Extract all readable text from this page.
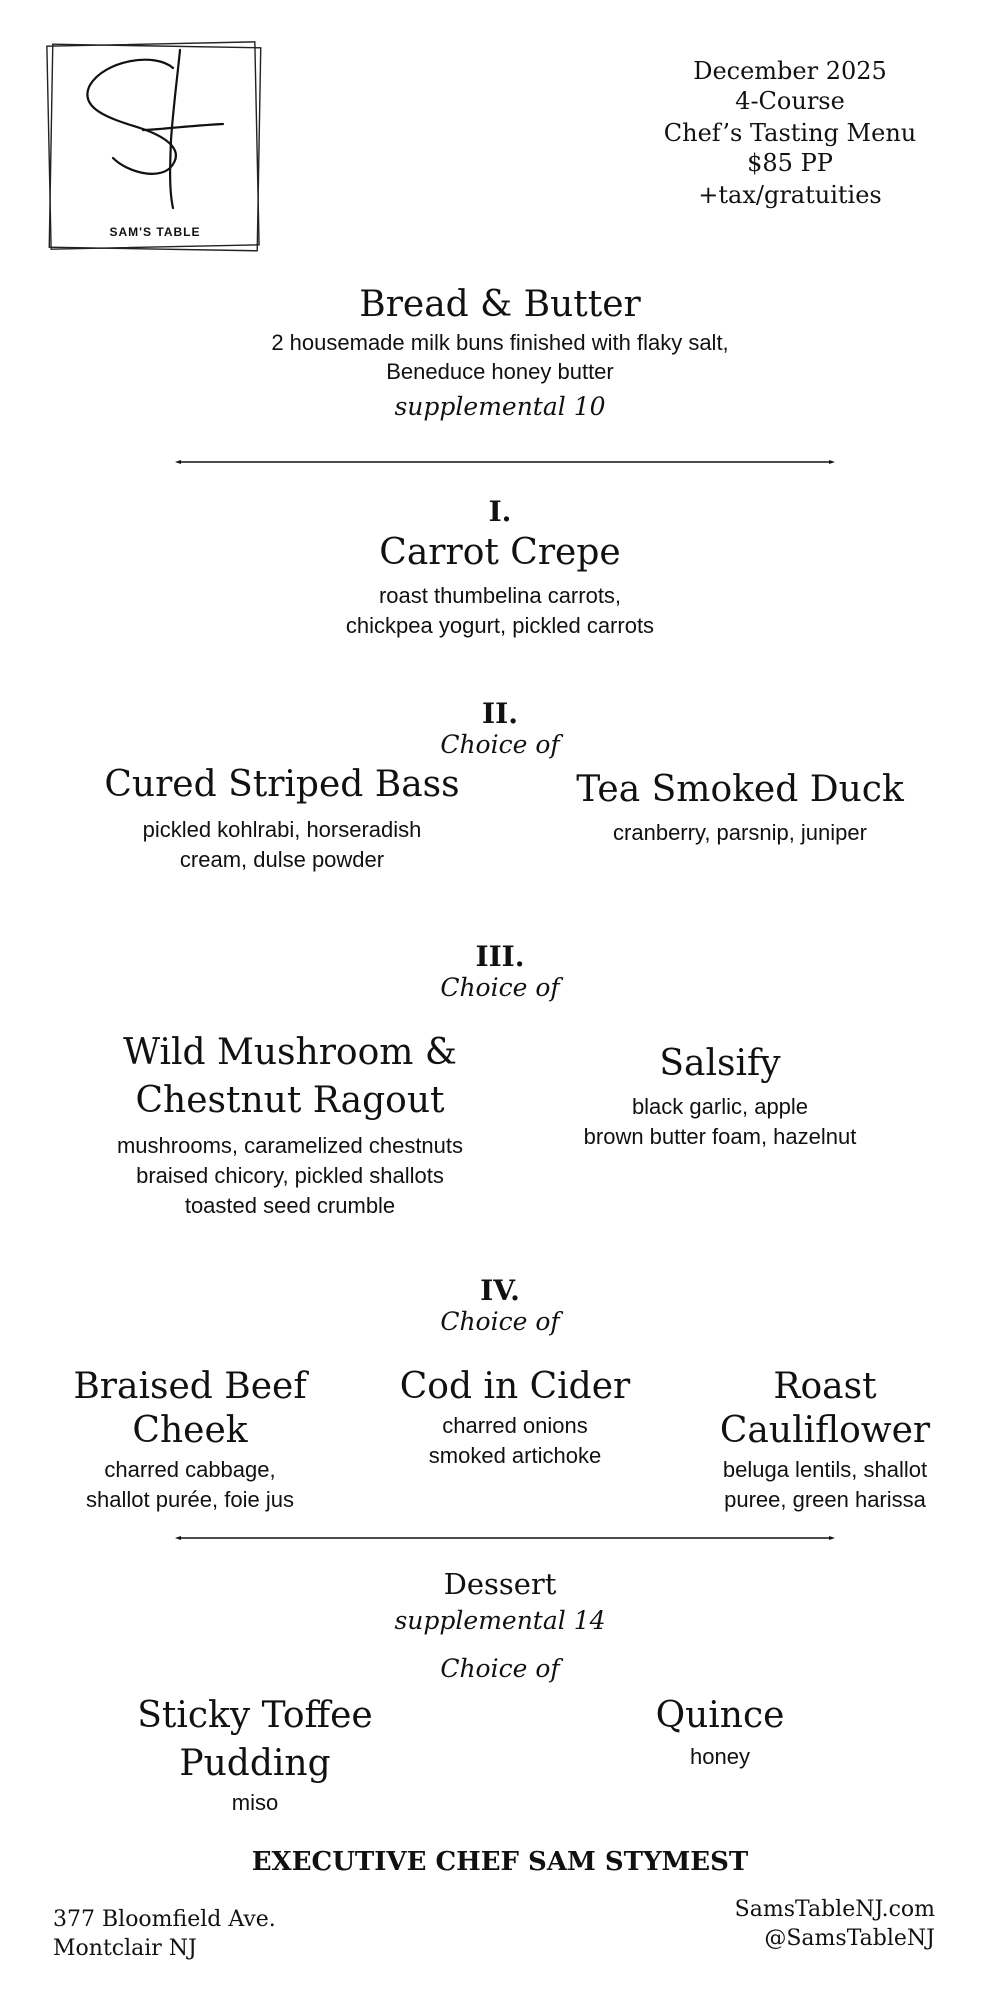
SAM'S TABLE
December 2025
4-Course
Chef’s Tasting Menu
$85 PP
+tax/gratuities
Bread & Butter
2 housemade milk buns finished with flaky salt,
Beneduce honey butter
supplemental 10
I.
Carrot Crepe
roast thumbelina carrots,
chickpea yogurt, pickled carrots
II.
Choice of
Cured Striped Bass
pickled kohlrabi, horseradish
cream, dulse powder
Tea Smoked Duck
cranberry, parsnip, juniper
III.
Choice of
Wild Mushroom &
Chestnut Ragout
mushrooms, caramelized chestnuts
braised chicory, pickled shallots
toasted seed crumble
Salsify
black garlic, apple
brown butter foam, hazelnut
IV.
Choice of
Braised Beef Cheek
charred cabbage,
shallot purée, foie jus
Cod in Cider
charred onions
smoked artichoke
Roast Cauliflower
beluga lentils, shallot
puree, green harissa
Dessert
supplemental 14
Choice of
Sticky Toffee
Pudding
miso
Quince
honey
EXECUTIVE CHEF SAM STYMEST
377 Bloomfield Ave.
Montclair NJ
SamsTableNJ.com
@SamsTableNJ
